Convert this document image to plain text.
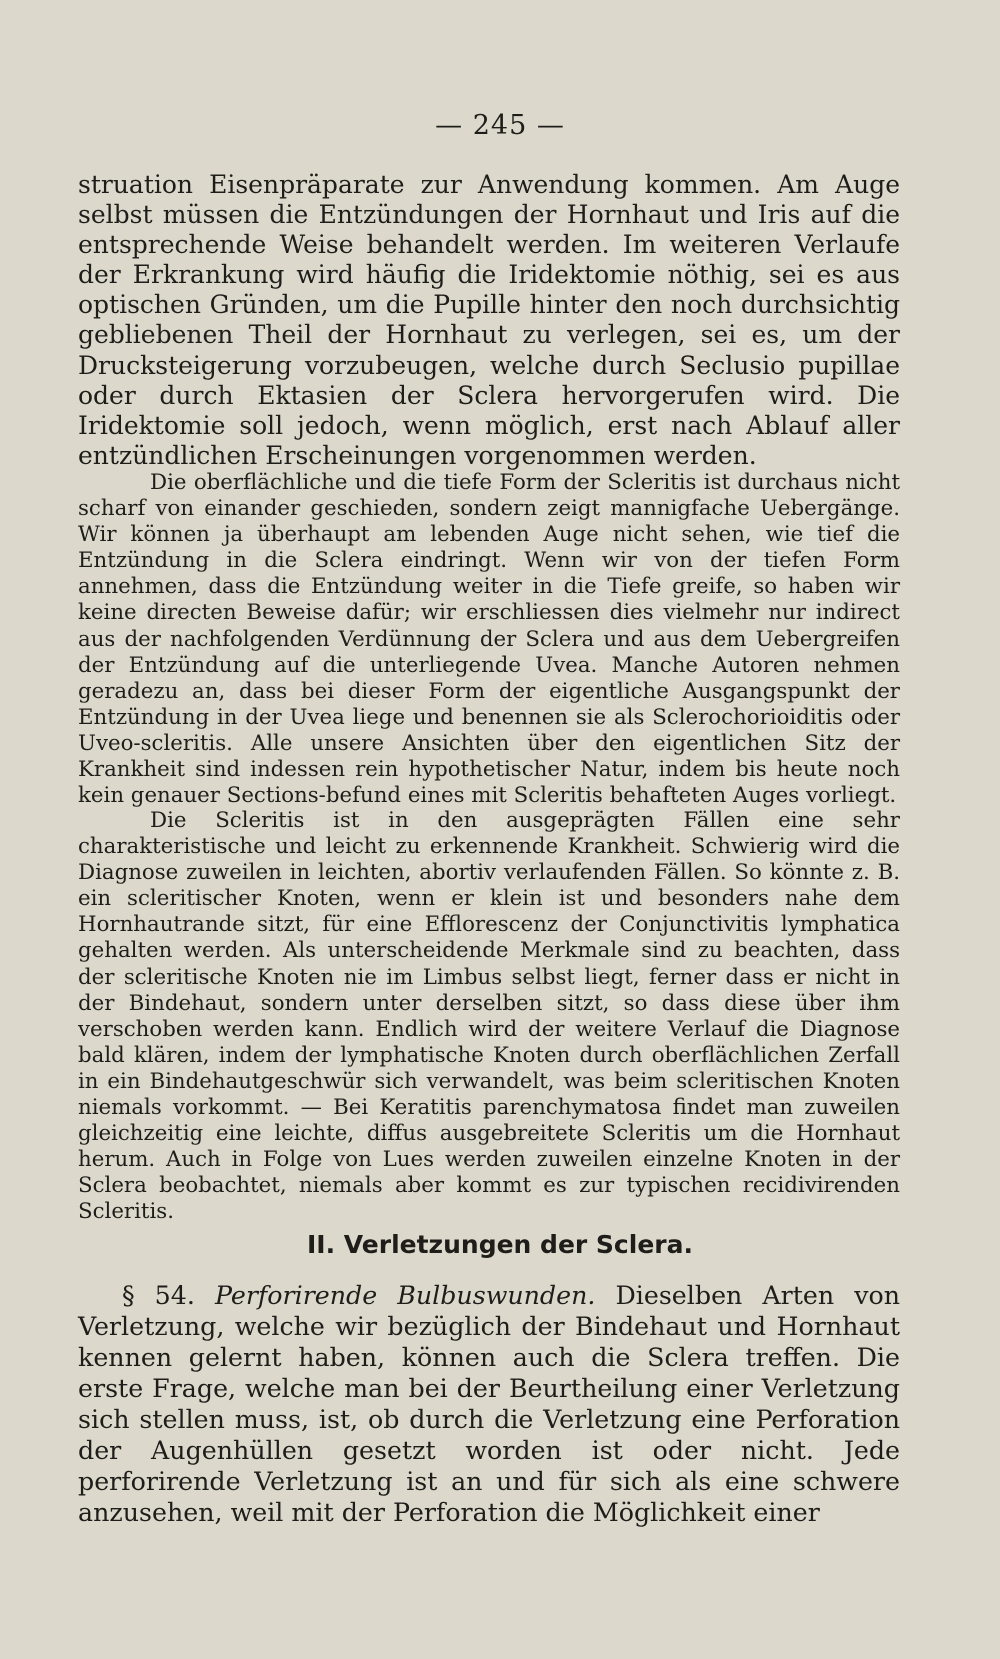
— 245 —

struation Eisenpräparate zur Anwendung kommen. Am Auge selbst müssen die Entzündungen der Hornhaut und Iris auf die entsprechende Weise behandelt werden. Im weiteren Verlaufe der Erkrankung wird häufig die Iridektomie nöthig, sei es aus optischen Gründen, um die Pupille hinter den noch durchsichtig gebliebenen Theil der Hornhaut zu verlegen, sei es, um der Drucksteigerung vorzubeugen, welche durch Seclusio pupillae oder durch Ektasien der Sclera hervorgerufen wird. Die Iridektomie soll jedoch, wenn möglich, erst nach Ablauf aller entzündlichen Erscheinungen vorgenommen werden.

Die oberflächliche und die tiefe Form der Scleritis ist durchaus nicht scharf von einander geschieden, sondern zeigt mannigfache Uebergänge. Wir können ja überhaupt am lebenden Auge nicht sehen, wie tief die Entzündung in die Sclera eindringt. Wenn wir von der tiefen Form annehmen, dass die Entzündung weiter in die Tiefe greife, so haben wir keine directen Beweise dafür; wir erschliessen dies vielmehr nur indirect aus der nachfolgenden Verdünnung der Sclera und aus dem Uebergreifen der Entzündung auf die unterliegende Uvea. Manche Autoren nehmen geradezu an, dass bei dieser Form der eigentliche Ausgangspunkt der Entzündung in der Uvea liege und benennen sie als Sclerochorioiditis oder Uveo-scleritis. Alle unsere Ansichten über den eigentlichen Sitz der Krankheit sind indessen rein hypothetischer Natur, indem bis heute noch kein genauer Sections-befund eines mit Scleritis behafteten Auges vorliegt.

Die Scleritis ist in den ausgeprägten Fällen eine sehr charakteristische und leicht zu erkennende Krankheit. Schwierig wird die Diagnose zuweilen in leichten, abortiv verlaufenden Fällen. So könnte z. B. ein scleritischer Knoten, wenn er klein ist und besonders nahe dem Hornhautrande sitzt, für eine Efflorescenz der Conjunctivitis lymphatica gehalten werden. Als unterscheidende Merkmale sind zu beachten, dass der scleritische Knoten nie im Limbus selbst liegt, ferner dass er nicht in der Bindehaut, sondern unter derselben sitzt, so dass diese über ihm verschoben werden kann. Endlich wird der weitere Verlauf die Diagnose bald klären, indem der lymphatische Knoten durch oberflächlichen Zerfall in ein Bindehautgeschwür sich verwandelt, was beim scleritischen Knoten niemals vorkommt. — Bei Keratitis parenchymatosa findet man zuweilen gleichzeitig eine leichte, diffus ausgebreitete Scleritis um die Hornhaut herum. Auch in Folge von Lues werden zuweilen einzelne Knoten in der Sclera beobachtet, niemals aber kommt es zur typischen recidivirenden Scleritis.

II. Verletzungen der Sclera.

§ 54. Perforirende Bulbuswunden. Dieselben Arten von Verletzung, welche wir bezüglich der Bindehaut und Hornhaut kennen gelernt haben, können auch die Sclera treffen. Die erste Frage, welche man bei der Beurtheilung einer Verletzung sich stellen muss, ist, ob durch die Verletzung eine Perforation der Augenhüllen gesetzt worden ist oder nicht. Jede perforirende Verletzung ist an und für sich als eine schwere anzusehen, weil mit der Perforation die Möglichkeit einer
